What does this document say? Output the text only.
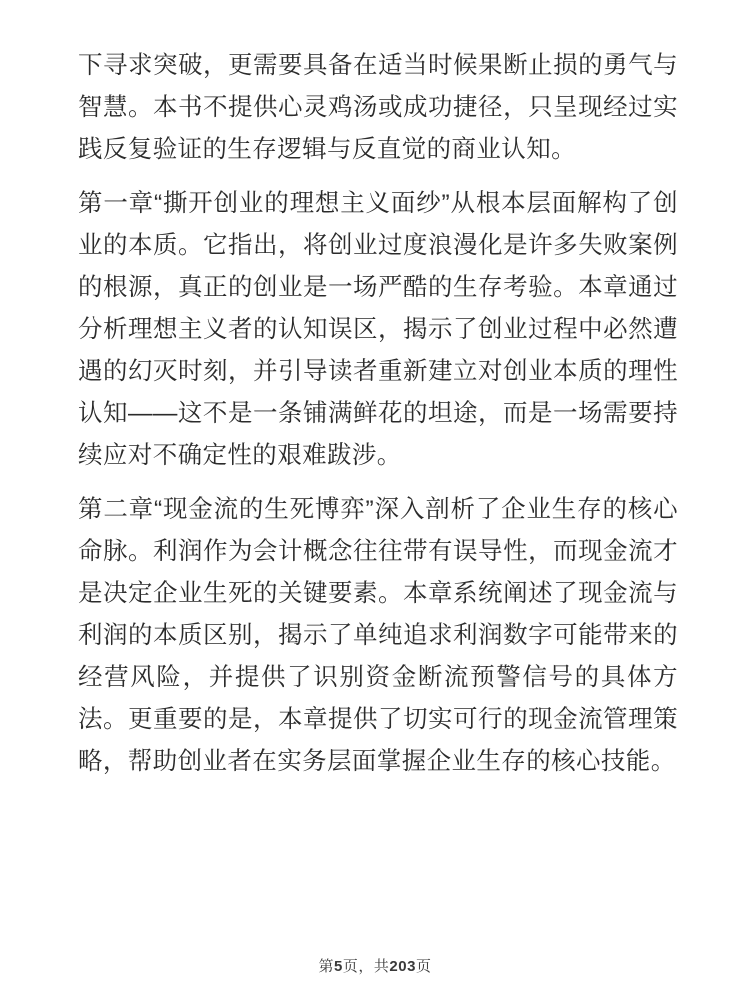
下寻求突破，更需要具备在适当时候果断止损的勇气与智慧。本书不提供心灵鸡汤或成功捷径，只呈现经过实践反复验证的生存逻辑与反直觉的商业认知。

第一章“撕开创业的理想主义面纱”从根本层面解构了创业的本质。它指出，将创业过度浪漫化是许多失败案例的根源，真正的创业是一场严酷的生存考验。本章通过分析理想主义者的认知误区，揭示了创业过程中必然遭遇的幻灭时刻，并引导读者重新建立对创业本质的理性认知——这不是一条铺满鲜花的坦途，而是一场需要持续应对不确定性的艰难跋涉。

第二章“现金流的生死博弈”深入剖析了企业生存的核心命脉。利润作为会计概念往往带有误导性，而现金流才是决定企业生死的关键要素。本章系统阐述了现金流与利润的本质区别，揭示了单纯追求利润数字可能带来的经营风险，并提供了识别资金断流预警信号的具体方法。更重要的是，本章提供了切实可行的现金流管理策略，帮助创业者在实务层面掌握企业生存的核心技能。

第5页，共203页
